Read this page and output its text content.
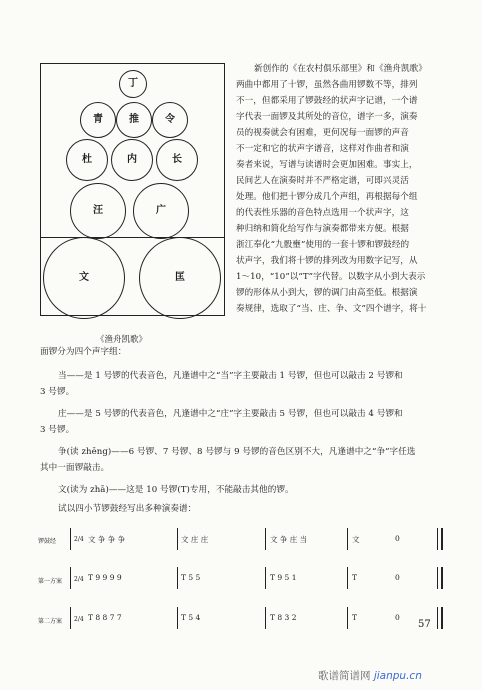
丁
青	推	令
杜	内	长
汪	广
文	匡
《渔舟凯歌》
新创作的《在农村俱乐部里》和《渔舟凯歌》
两曲中都用了十锣，虽然各曲用锣数不等，排列
不一，但都采用了锣鼓经的状声字记谱，一个谱
字代表一面锣及其所处的音位，谱字一多，演奏
员的视奏就会有困难，更何况每一面锣的声音
不一定和它的状声字谱音，这样对作曲者和演
奏者来说，写谱与读谱时会更加困难。事实上，
民间艺人在演奏时并不严格定谱，可即兴灵活
处理。他们把十锣分成几个声组，再根据每个组
的代表性乐器的音色特点选用一个状声字，这
种归纳和简化给写作与演奏都带来方便。根据
浙江奉化“九骰壅”使用的一套十锣和锣鼓经的
状声字，我们将十锣的排列改为用数字记写，从
1～10，“10”以“T”字代替。以数字从小到大表示
锣的形体从小到大，锣的调门由高至低。根据演
奏规律，选取了“当、庄、争、文”四个谱字，将十
面锣分为四个声字组：
当——是 1 号锣的代表音色，凡逢谱中之“当”字主要敲击 1 号锣，但也可以敲击 2 号锣和
3 号锣。
庄——是 5 号锣的代表音色，凡逢谱中之“庄”字主要敲击 5 号锣，但也可以敲击 4 号锣和
3 号锣。
争(读 zhēng)——6 号锣、7 号锣、8 号锣与 9 号锣的音色区别不大，凡逢谱中之“争”字任选
其中一面锣敲击。
文(读为 zhā)——这是 10 号锣(T)专用，不能敲击其他的锣。
试以四小节锣鼓经写出多种演奏谱：
锣鼓经	2/4 文 争 争 争	文 庄 庄	文 争 庄 当	文	0
第一方案 2/4 T 9 9 9 9	T 5 5	T 9 5 1	T	0
第二方案 2/4 T 8 8 7 7	T 5 4	T 8 3 2	T	0
57
歌谱简谱网 jianpu.cn
